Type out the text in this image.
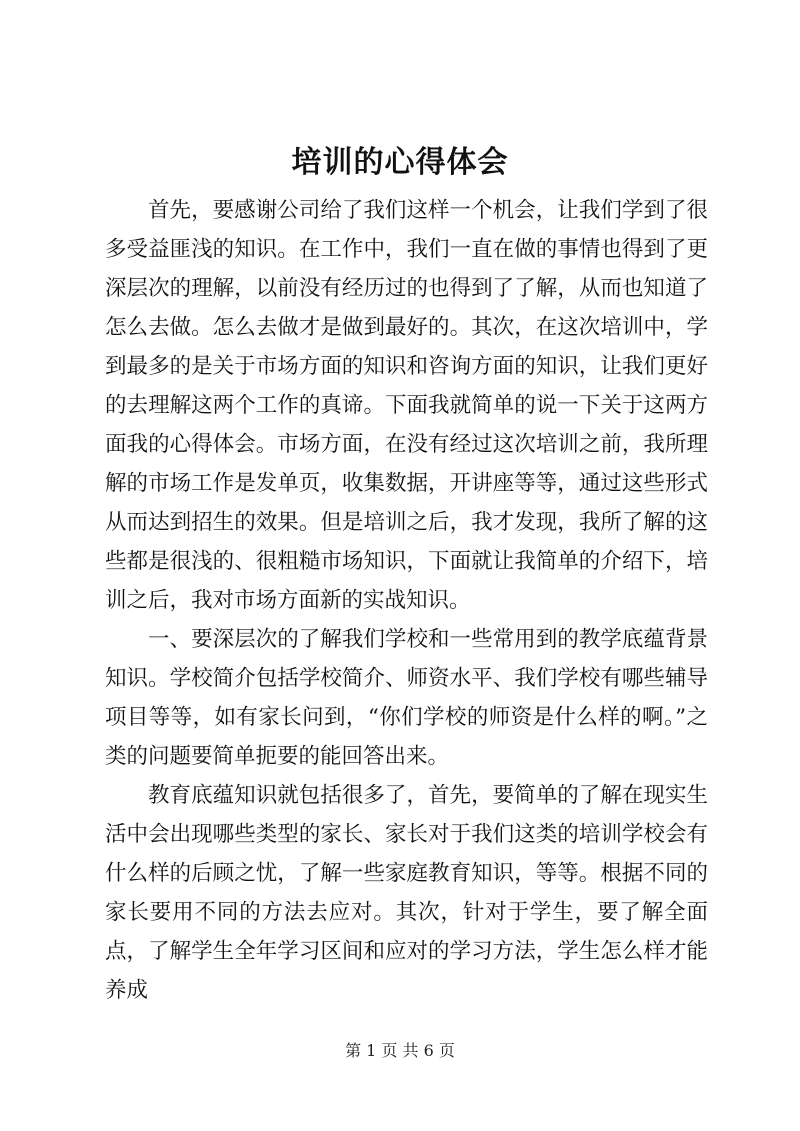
培训的心得体会

首先，要感谢公司给了我们这样一个机会，让我们学到了很多受益匪浅的知识。在工作中，我们一直在做的事情也得到了更深层次的理解，以前没有经历过的也得到了了解，从而也知道了怎么去做。怎么去做才是做到最好的。其次，在这次培训中，学到最多的是关于市场方面的知识和咨询方面的知识，让我们更好的去理解这两个工作的真谛。下面我就简单的说一下关于这两方面我的心得体会。市场方面，在没有经过这次培训之前，我所理解的市场工作是发单页，收集数据，开讲座等等，通过这些形式从而达到招生的效果。但是培训之后，我才发现，我所了解的这些都是很浅的、很粗糙市场知识，下面就让我简单的介绍下，培训之后，我对市场方面新的实战知识。

一、要深层次的了解我们学校和一些常用到的教学底蕴背景知识。学校简介包括学校简介、师资水平、我们学校有哪些辅导项目等等，如有家长问到，“你们学校的师资是什么样的啊。”之类的问题要简单扼要的能回答出来。

教育底蕴知识就包括很多了，首先，要简单的了解在现实生活中会出现哪些类型的家长、家长对于我们这类的培训学校会有什么样的后顾之忧，了解一些家庭教育知识，等等。根据不同的家长要用不同的方法去应对。其次，针对于学生，要了解全面点，了解学生全年学习区间和应对的学习方法，学生怎么样才能养成

第 1 页 共 6 页
